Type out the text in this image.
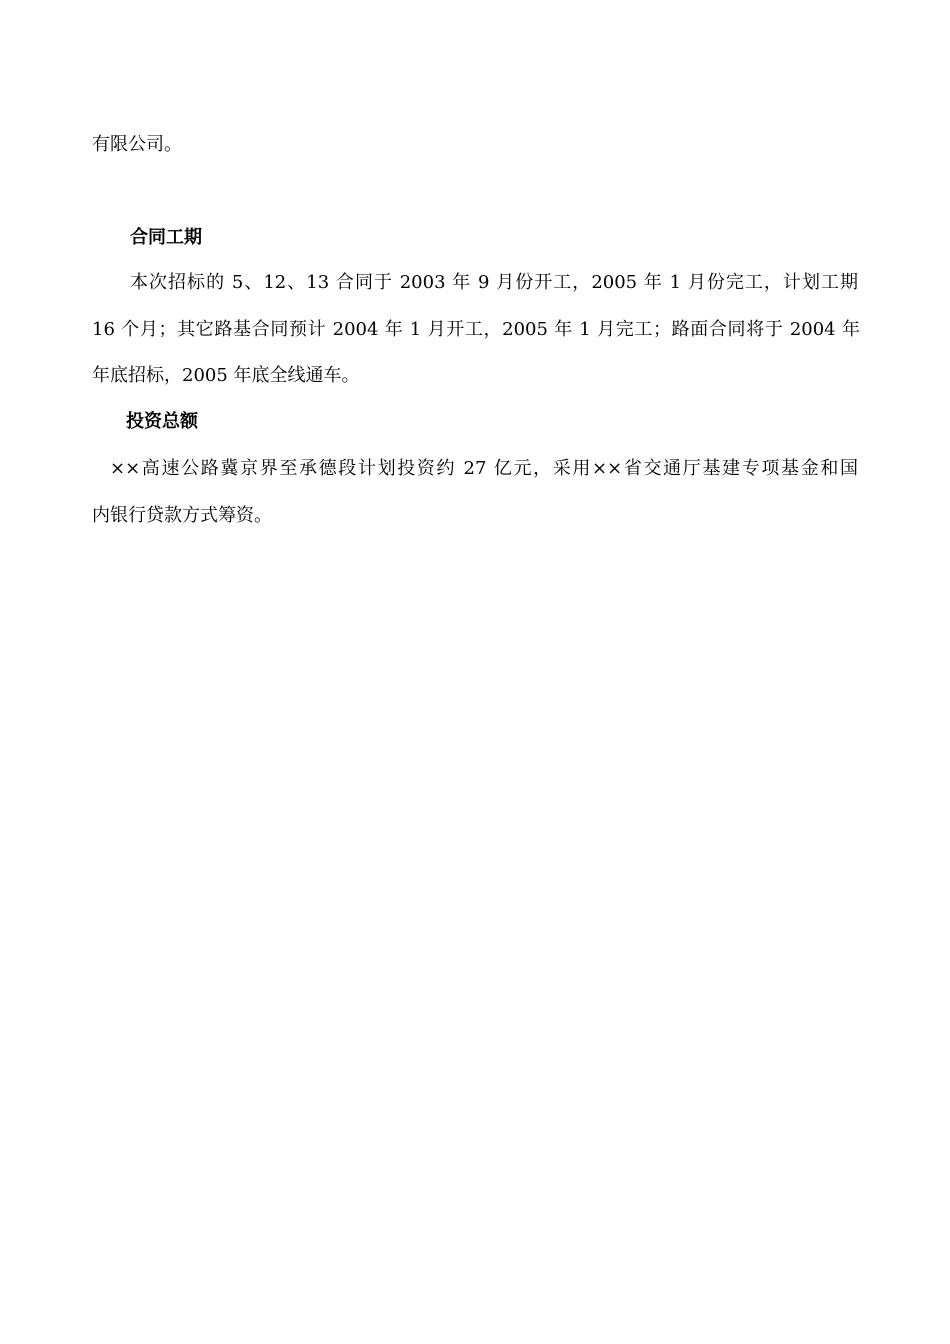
有限公司。
合同工期
本次招标的 5、12、13 合同于 2003 年 9 月份开工，2005 年 1 月份完工，计划工期
16 个月；其它路基合同预计 2004 年 1 月开工，2005 年 1 月完工；路面合同将于 2004 年
年底招标，2005 年底全线通车。
投资总额
××高速公路冀京界至承德段计划投资约 27 亿元，采用××省交通厅基建专项基金和国
内银行贷款方式筹资。
